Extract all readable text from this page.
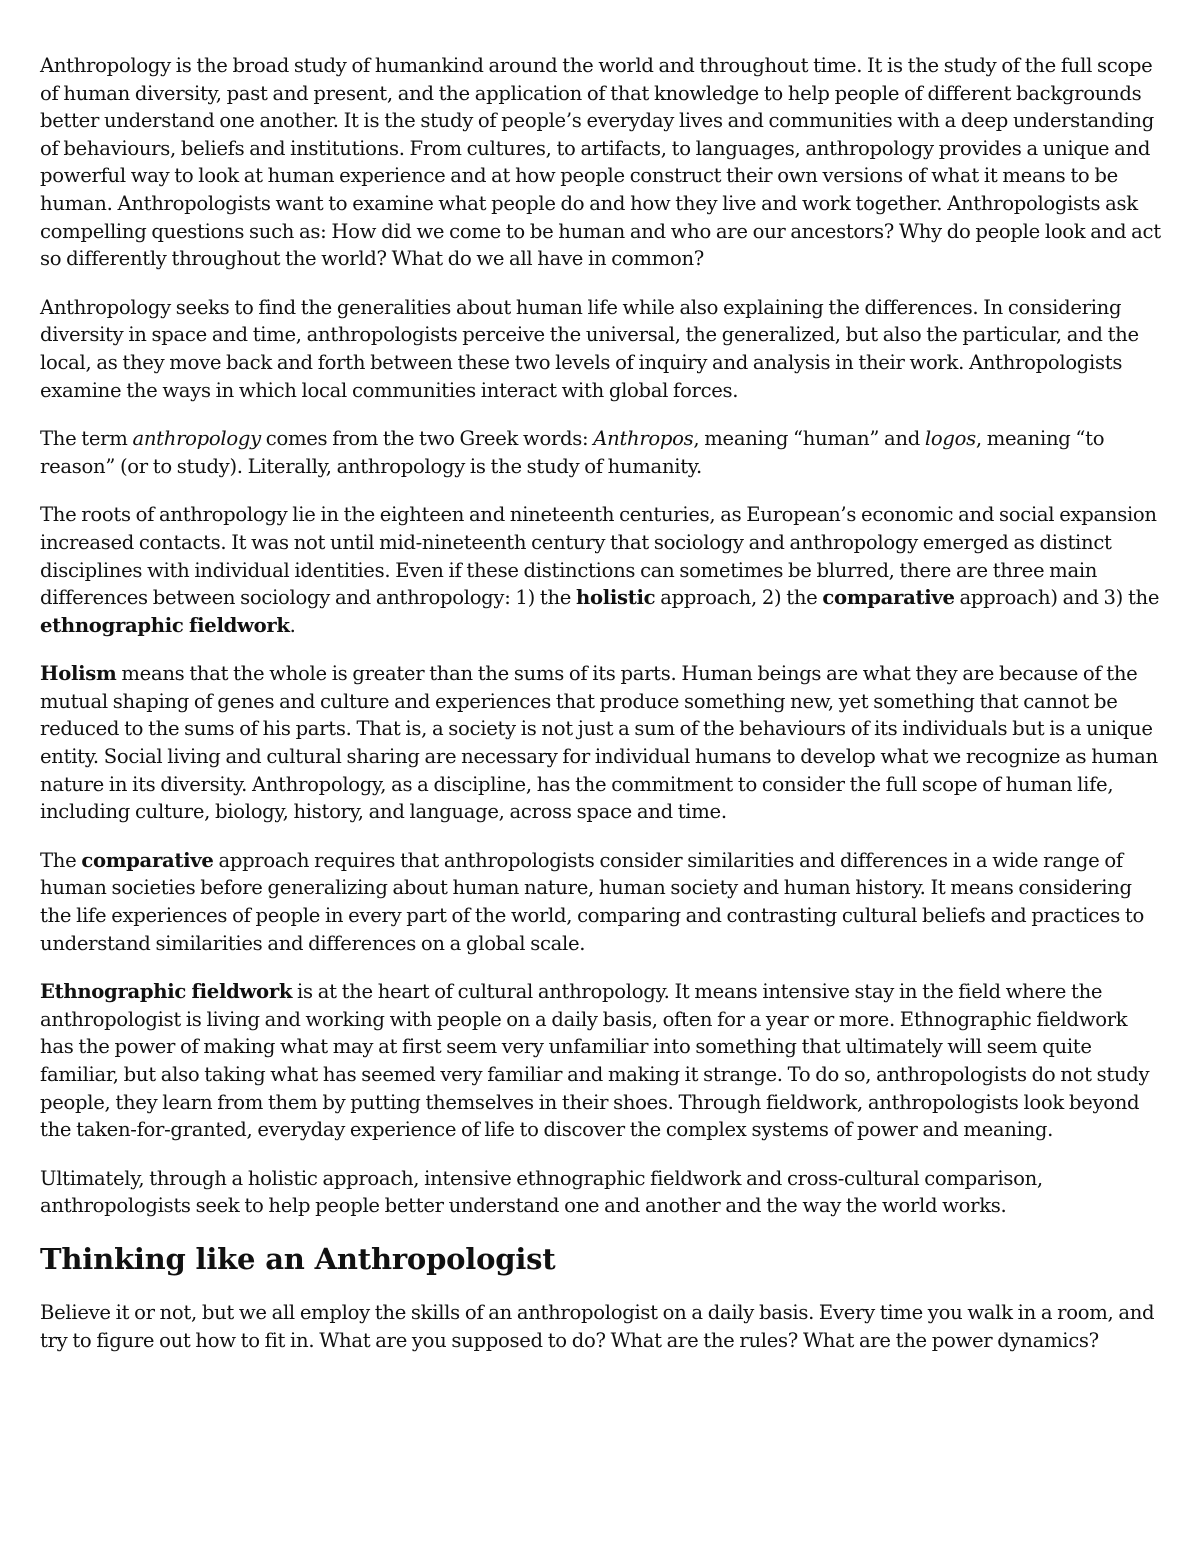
Anthropology is the broad study of humankind around the world and throughout time. It is the study of the full scope of human diversity, past and present, and the application of that knowledge to help people of different backgrounds better understand one another. It is the study of people’s everyday lives and communities with a deep understanding of behaviours, beliefs and institutions. From cultures, to artifacts, to languages, anthropology provides a unique and powerful way to look at human experience and at how people construct their own versions of what it means to be human. Anthropologists want to examine what people do and how they live and work together. Anthropologists ask compelling questions such as: How did we come to be human and who are our ancestors? Why do people look and act so differently throughout the world? What do we all have in common?

Anthropology seeks to find the generalities about human life while also explaining the differences. In considering diversity in space and time, anthropologists perceive the universal, the generalized, but also the particular, and the local, as they move back and forth between these two levels of inquiry and analysis in their work. Anthropologists examine the ways in which local communities interact with global forces.

The term anthropology comes from the two Greek words: Anthropos, meaning “human” and logos, meaning “to reason” (or to study). Literally, anthropology is the study of humanity.

The roots of anthropology lie in the eighteen and nineteenth centuries, as European’s economic and social expansion increased contacts. It was not until mid-nineteenth century that sociology and anthropology emerged as distinct disciplines with individual identities. Even if these distinctions can sometimes be blurred, there are three main differences between sociology and anthropology: 1) the holistic approach, 2) the comparative approach) and 3) the ethnographic fieldwork.

Holism means that the whole is greater than the sums of its parts. Human beings are what they are because of the mutual shaping of genes and culture and experiences that produce something new, yet something that cannot be reduced to the sums of his parts. That is, a society is not just a sum of the behaviours of its individuals but is a unique entity. Social living and cultural sharing are necessary for individual humans to develop what we recognize as human nature in its diversity. Anthropology, as a discipline, has the commitment to consider the full scope of human life, including culture, biology, history, and language, across space and time.

The comparative approach requires that anthropologists consider similarities and differences in a wide range of human societies before generalizing about human nature, human society and human history. It means considering the life experiences of people in every part of the world, comparing and contrasting cultural beliefs and practices to understand similarities and differences on a global scale.

Ethnographic fieldwork is at the heart of cultural anthropology. It means intensive stay in the field where the anthropologist is living and working with people on a daily basis, often for a year or more. Ethnographic fieldwork has the power of making what may at first seem very unfamiliar into something that ultimately will seem quite familiar, but also taking what has seemed very familiar and making it strange. To do so, anthropologists do not study people, they learn from them by putting themselves in their shoes. Through fieldwork, anthropologists look beyond the taken-for-granted, everyday experience of life to discover the complex systems of power and meaning.

Ultimately, through a holistic approach, intensive ethnographic fieldwork and cross-cultural comparison, anthropologists seek to help people better understand one and another and the way the world works.

Thinking like an Anthropologist

Believe it or not, but we all employ the skills of an anthropologist on a daily basis. Every time you walk in a room, and try to figure out how to fit in. What are you supposed to do? What are the rules? What are the power dynamics?
